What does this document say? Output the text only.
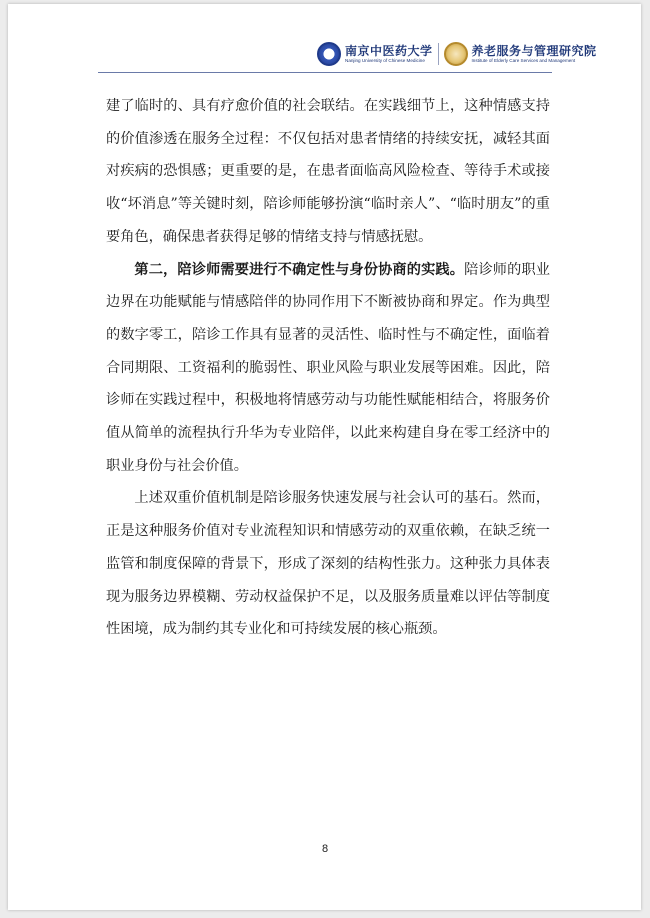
南京中医药大学
Nanjing University of Chinese Medicine
养老服务与管理研究院
Institute of Elderly Care Services and Management

建了临时的、具有疗愈价值的社会联结。在实践细节上，这种情感支持的价值渗透在服务全过程：不仅包括对患者情绪的持续安抚，减轻其面对疾病的恐惧感；更重要的是，在患者面临高风险检查、等待手术或接收“坏消息”等关键时刻，陪诊师能够扮演“临时亲人”、“临时朋友”的重要角色，确保患者获得足够的情绪支持与情感抚慰。

第二，陪诊师需要进行不确定性与身份协商的实践。陪诊师的职业边界在功能赋能与情感陪伴的协同作用下不断被协商和界定。作为典型的数字零工，陪诊工作具有显著的灵活性、临时性与不确定性，面临着合同期限、工资福利的脆弱性、职业风险与职业发展等困难。因此，陪诊师在实践过程中，积极地将情感劳动与功能性赋能相结合，将服务价值从简单的流程执行升华为专业陪伴，以此来构建自身在零工经济中的职业身份与社会价值。

上述双重价值机制是陪诊服务快速发展与社会认可的基石。然而，正是这种服务价值对专业流程知识和情感劳动的双重依赖，在缺乏统一监管和制度保障的背景下，形成了深刻的结构性张力。这种张力具体表现为服务边界模糊、劳动权益保护不足，以及服务质量难以评估等制度性困境，成为制约其专业化和可持续发展的核心瓶颈。

8
